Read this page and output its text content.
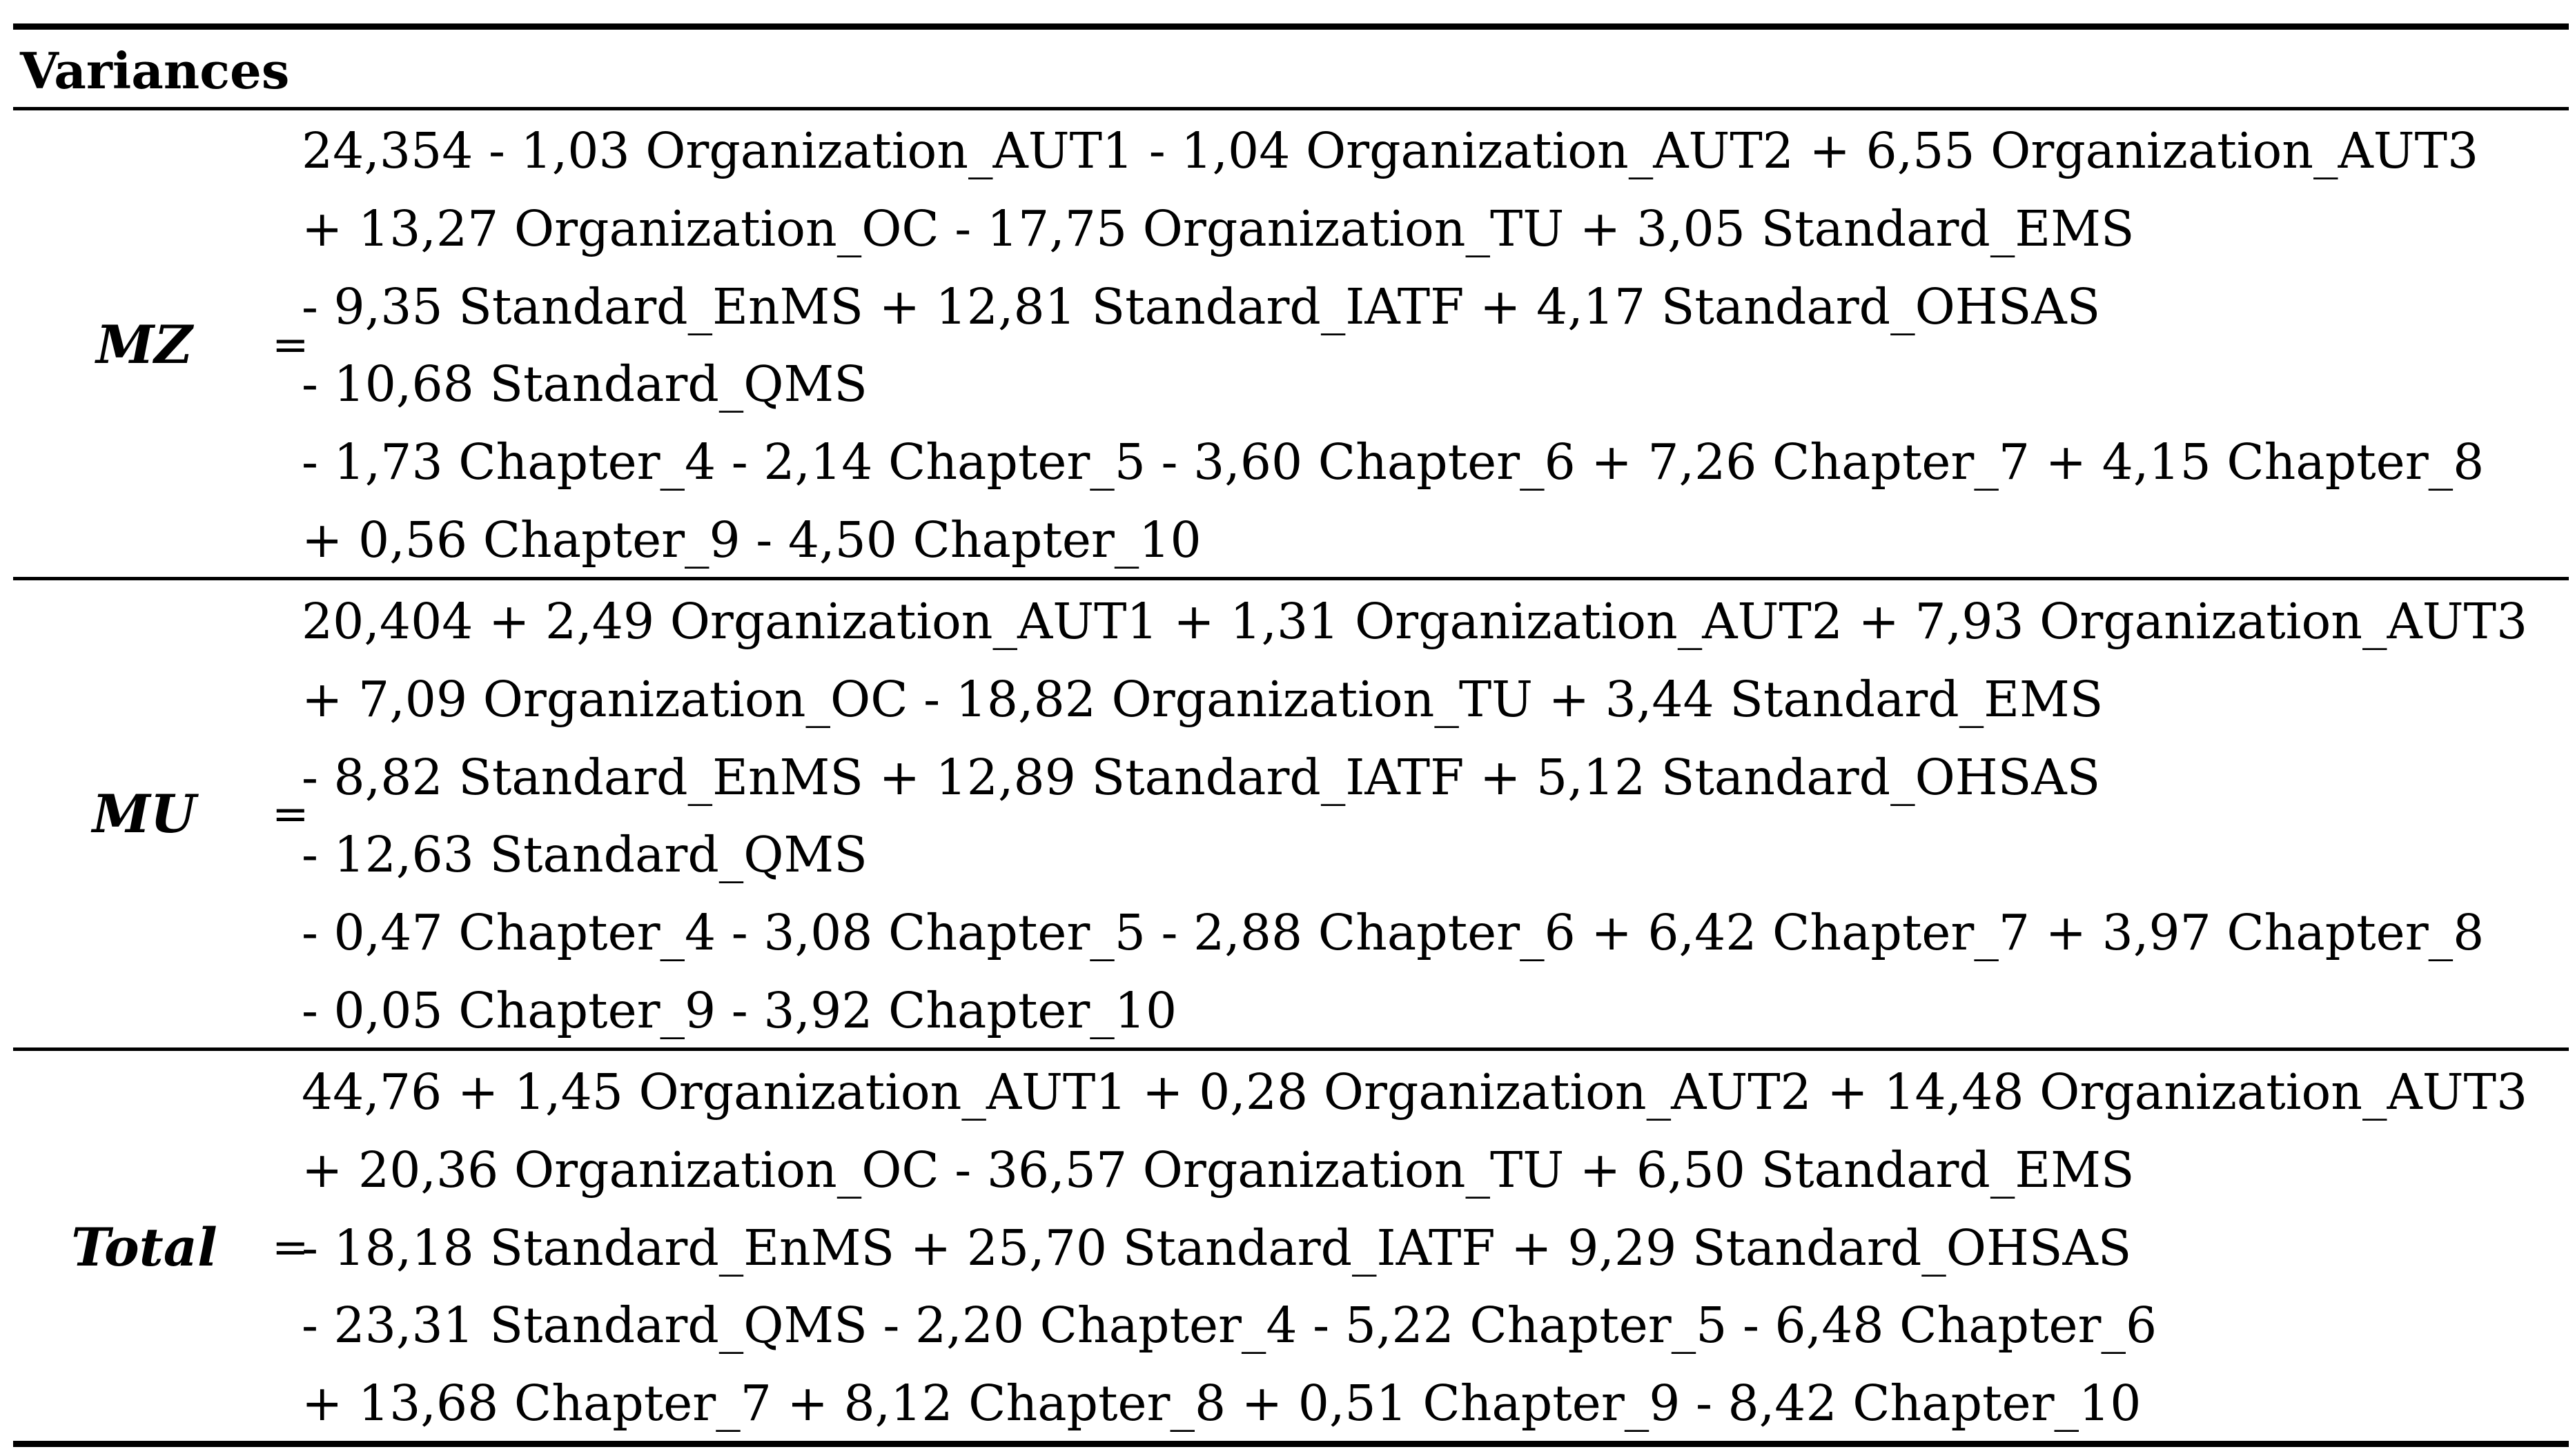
Variances
MZ	=
24,354 - 1,03 Organization_AUT1 - 1,04 Organization_AUT2 + 6,55 Organization_AUT3
+ 13,27 Organization_OC - 17,75 Organization_TU + 3,05 Standard_EMS
- 9,35 Standard_EnMS + 12,81 Standard_IATF + 4,17 Standard_OHSAS
- 10,68 Standard_QMS
- 1,73 Chapter_4 - 2,14 Chapter_5 - 3,60 Chapter_6 + 7,26 Chapter_7 + 4,15 Chapter_8
+ 0,56 Chapter_9 - 4,50 Chapter_10
MU	=
20,404 + 2,49 Organization_AUT1 + 1,31 Organization_AUT2 + 7,93 Organization_AUT3
+ 7,09 Organization_OC - 18,82 Organization_TU + 3,44 Standard_EMS
- 8,82 Standard_EnMS + 12,89 Standard_IATF + 5,12 Standard_OHSAS
- 12,63 Standard_QMS
- 0,47 Chapter_4 - 3,08 Chapter_5 - 2,88 Chapter_6 + 6,42 Chapter_7 + 3,97 Chapter_8
- 0,05 Chapter_9 - 3,92 Chapter_10
Total	=
44,76 + 1,45 Organization_AUT1 + 0,28 Organization_AUT2 + 14,48 Organization_AUT3
+ 20,36 Organization_OC - 36,57 Organization_TU + 6,50 Standard_EMS
- 18,18 Standard_EnMS + 25,70 Standard_IATF + 9,29 Standard_OHSAS
- 23,31 Standard_QMS - 2,20 Chapter_4 - 5,22 Chapter_5 - 6,48 Chapter_6
+ 13,68 Chapter_7 + 8,12 Chapter_8 + 0,51 Chapter_9 - 8,42 Chapter_10
